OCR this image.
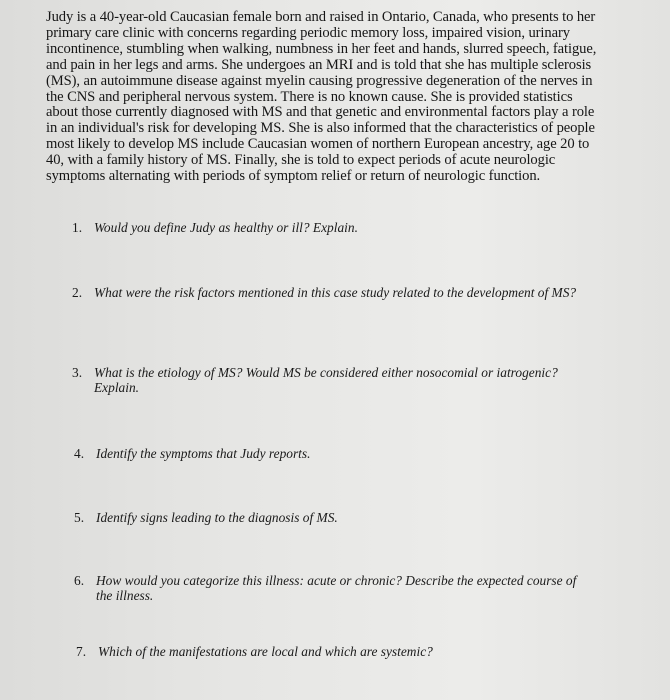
Judy is a 40-year-old Caucasian female born and raised in Ontario, Canada, who presents to her
primary care clinic with concerns regarding periodic memory loss, impaired vision, urinary
incontinence, stumbling when walking, numbness in her feet and hands, slurred speech, fatigue,
and pain in her legs and arms. She undergoes an MRI and is told that she has multiple sclerosis
(MS), an autoimmune disease against myelin causing progressive degeneration of the nerves in
the CNS and peripheral nervous system. There is no known cause. She is provided statistics
about those currently diagnosed with MS and that genetic and environmental factors play a role
in an individual's risk for developing MS. She is also informed that the characteristics of people
most likely to develop MS include Caucasian women of northern European ancestry, age 20 to
40, with a family history of MS. Finally, she is told to expect periods of acute neurologic
symptoms alternating with periods of symptom relief or return of neurologic function.
1. Would you define Judy as healthy or ill? Explain.
2. What were the risk factors mentioned in this case study related to the development of MS?
3. What is the etiology of MS? Would MS be considered either nosocomial or iatrogenic? Explain.
4. Identify the symptoms that Judy reports.
5. Identify signs leading to the diagnosis of MS.
6. How would you categorize this illness: acute or chronic? Describe the expected course of the illness.
7. Which of the manifestations are local and which are systemic?
